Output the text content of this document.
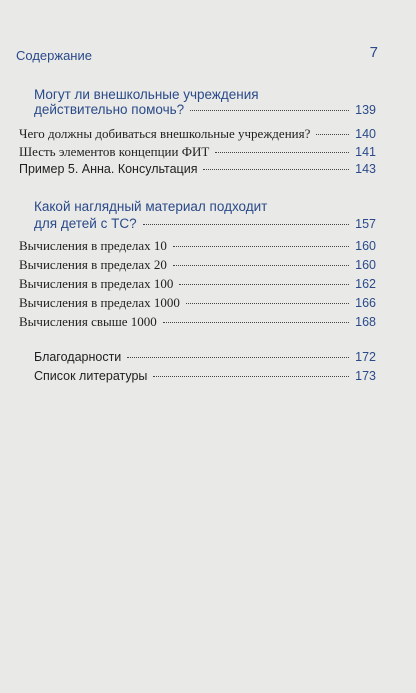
Содержание	7
Могут ли внешкольные учреждения
действительно помочь?	139
Чего должны добиваться внешкольные учреждения?	140
Шесть элементов концепции ФИТ	141
Пример 5. Анна. Консультация	143
Какой наглядный материал подходит
для детей с ТС?	157
Вычисления в пределах 10	160
Вычисления в пределах 20	160
Вычисления в пределах 100	162
Вычисления в пределах 1000	166
Вычисления свыше 1000	168
Благодарности	172
Список литературы	173
